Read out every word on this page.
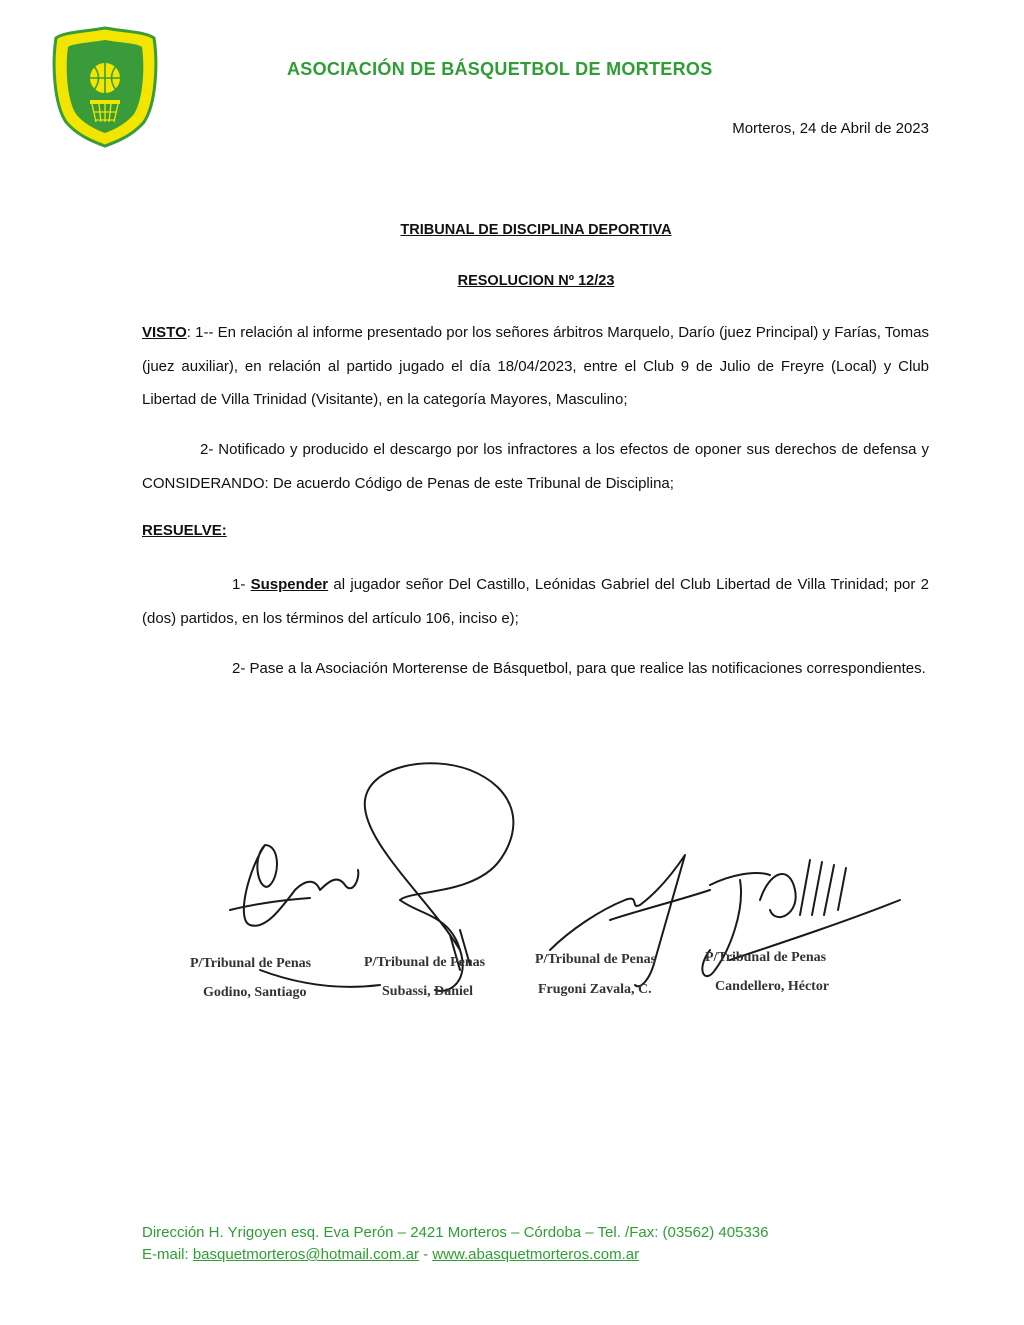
ASOCIACIÓN DE BÁSQUETBOL DE MORTEROS
Morteros, 24 de Abril de 2023
TRIBUNAL DE DISCIPLINA DEPORTIVA
RESOLUCION Nº 12/23
VISTO: 1-- En relación al informe presentado por los señores árbitros Marquelo, Darío (juez Principal) y Farías, Tomas (juez auxiliar), en relación al partido jugado el día 18/04/2023, entre el Club 9 de Julio de Freyre (Local) y Club Libertad de Villa Trinidad (Visitante), en la categoría Mayores, Masculino;
2- Notificado y producido el descargo por los infractores a los efectos de oponer sus derechos de defensa y CONSIDERANDO: De acuerdo Código de Penas de este Tribunal de Disciplina;
RESUELVE:
1- Suspender al jugador señor Del Castillo, Leónidas Gabriel del Club Libertad de Villa Trinidad; por 2 (dos) partidos, en los términos del artículo 106, inciso e);
2- Pase a la Asociación Morterense de Básquetbol, para que realice las notificaciones correspondientes.
P/Tribunal de Penas
Godino, Santiago
P/Tribunal de Penas
Subassi, Daniel
P/Tribunal de Penas
Frugoni Zavala, C.
P/Tribunal de Penas
Candellero, Héctor
Dirección H. Yrigoyen esq. Eva Perón – 2421 Morteros – Córdoba – Tel. /Fax: (03562) 405336
E-mail: basquetmorteros@hotmail.com.ar - www.abasquetmorteros.com.ar
